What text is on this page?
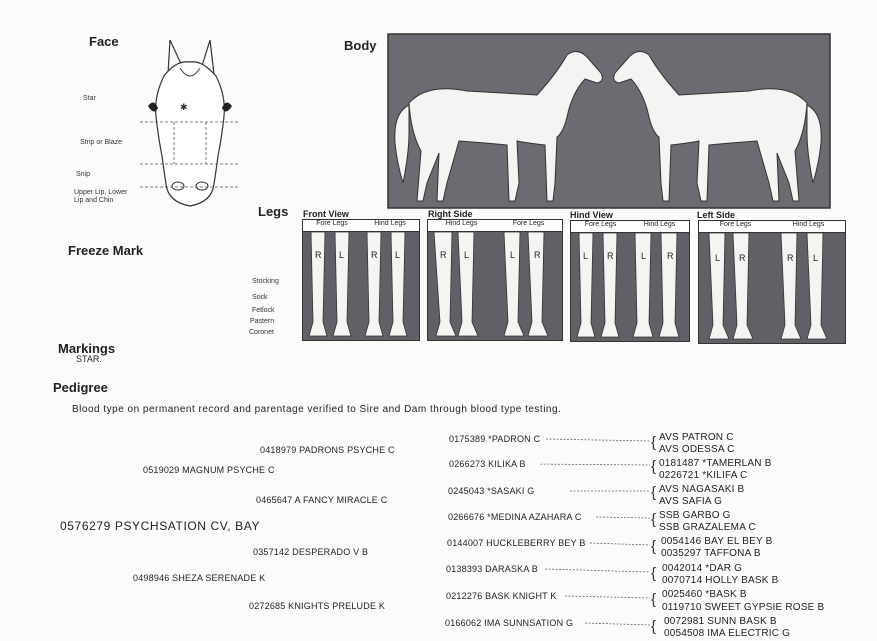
Face
✱
Star
Strip or Blaze
Snip
Upper Lip, Lower
Lip and Chin
Body
Legs Front View	Right Side	Hind View	Left Side
Fore Legs	Hind Legs
R L	R L
Hind Legs	Fore Legs
R L	L R
Fore Legs	Hind Legs
L R	L R
Fore Legs	Hind Legs
L R	R L
Stocking
Sock
Fetlock
Pastern
Coronet
Freeze Mark
Markings
STAR.
Pedigree
Blood type on permanent record and parentage verified to Sire and Dam through blood type testing.
0576279 PSYCHSATION CV, BAY
0519029 MAGNUM PSYCHE C
0498946 SHEZA SERENADE K
0418979 PADRONS PSYCHE C
0465647 A FANCY MIRACLE C
0357142 DESPERADO V B
0272685 KNIGHTS PRELUDE K
0175389 *PADRON C
0266273 KILIKA B
0245043 *SASAKI G
0266676 *MEDINA AZAHARA C
0144007 HUCKLEBERRY BEY B
0138393 DARASKA B
0212276 BASK KNIGHT K
0166062 IMA SUNNSATION G
{
{
{
{
{
{
{
{
AVS PATRON C
AVS ODESSA C
0181487 *TAMERLAN B
0226721 *KILIFA C
AVS NAGASAKI B
AVS SAFIA G
SSB GARBO G
SSB GRAZALEMA C
0054146 BAY EL BEY B
0035297 TAFFONA B
0042014 *DAR G
0070714 HOLLY BASK B
0025460 *BASK B
0119710 SWEET GYPSIE ROSE B
0072981 SUNN BASK B
0054508 IMA ELECTRIC G
